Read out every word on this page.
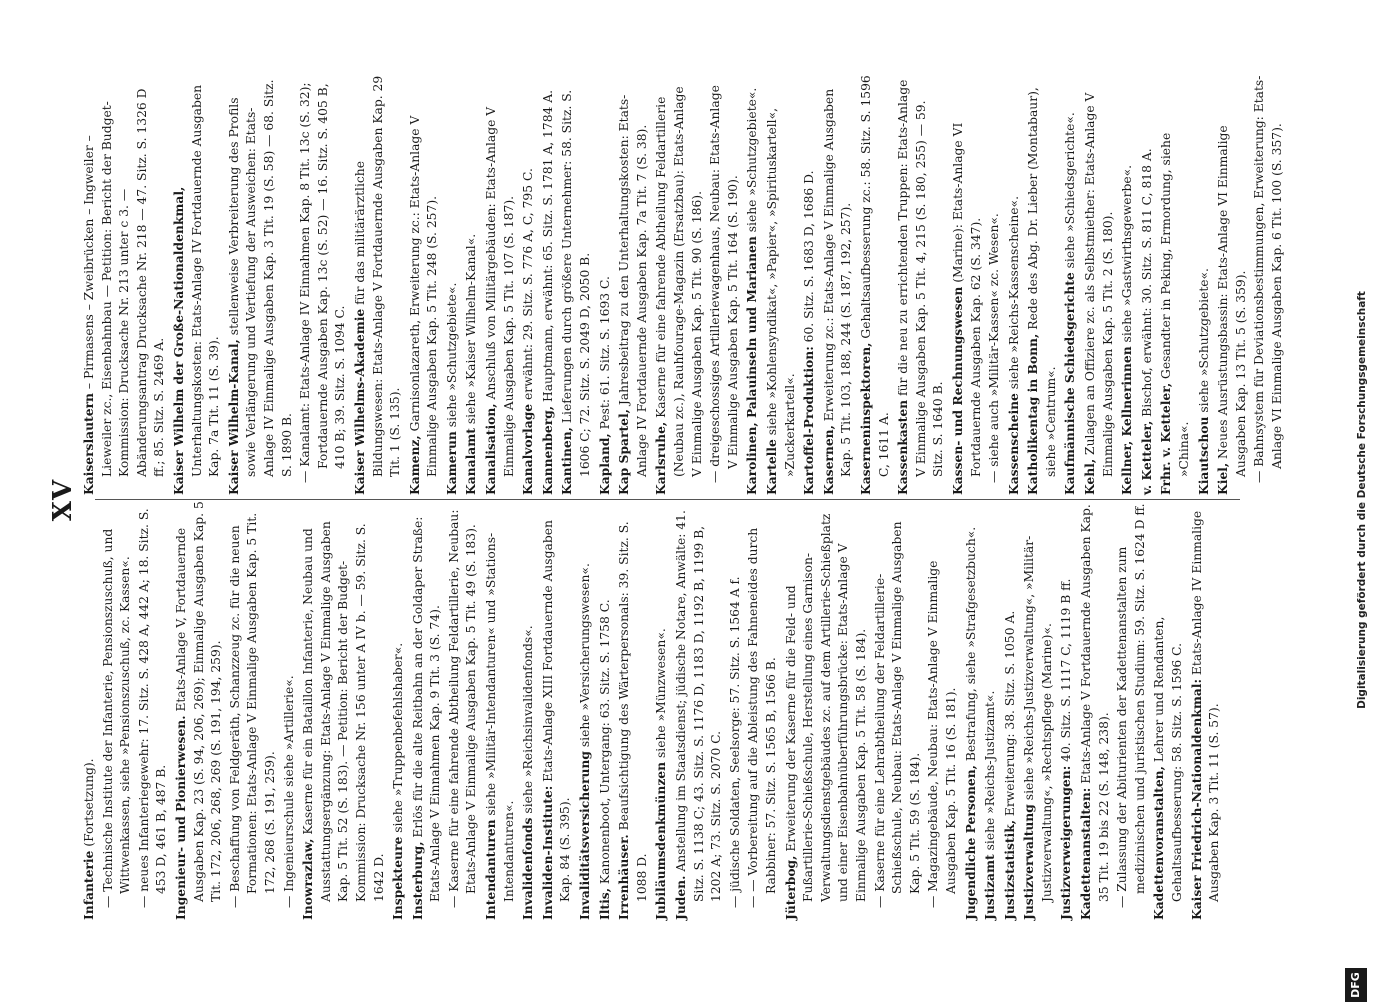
XV
Infanterie (Fortsetzung). — Technische Institute der Infanterie, Pensionszuschuß, und Wittwenkassen, siehe »Pensionszuschuß, zc. Kassen«. — neues Infanteriegewehr: 17. Sitz. S. 428 A, 442 A; 18. Sitz. S. 453 D, 461 B, 487 B. Ingenieur- und Pionierwesen. Etats-Anlage V, Fortdauernde Ausgaben Kap. 23 (S. 94, 206, 269); Einmalige Ausgaben Kap. 5 Tit. 172, 206, 268, 269 (S. 191, 194, 259). — Beschaffung von Feldgeräth, Schanzzeug zc. für die neuen Formationen: Etats-Anlage V Einmalige Ausgaben Kap. 5 Tit. 172, 268 (S. 191, 259). — Ingenieurschule siehe »Artillerie«. Inowrazlaw, Kaserne für ein Bataillon Infanterie, Neubau und Ausstattungsergänzung: Etats-Anlage V Einmalige Ausgaben Kap. 5 Tit. 52 (S. 183). — Petition: Bericht der Budget-Kommission: Drucksache Nr. 156 unter A IV b. — 59. Sitz. S. 1642 D. Inspekteure siehe »Truppenbefehlshaber«.
Insterburg, Erlös für die alte Reitbahn an der Goldaper Straße: Etats-Anlage V Einnahmen Kap. 9 Tit. 3 (S. 74). — Kaserne für eine fahrende Abtheilung Feldartillerie, Neubau: Etats-Anlage V Einmalige Ausgaben Kap. 5 Tit. 49 (S. 183). Intendanturen siehe »Militär-Intendanturen« und »Stations-Intendanturen«. Invalidenfonds siehe »Reichsinvalidenfonds«.
Invaliden-Institute: Etats-Anlage XIII Fortdauernde Ausgaben Kap. 84 (S. 395). Invaliditätsversicherung siehe »Versicherungswesen«.
Iltis, Kanonenboot, Untergang: 63. Sitz. S. 1758 C. Irrenhäuser. Beaufsichtigung des Wärterpersonals: 39. Sitz. S. 1088 D. Jubiläumsdenkmünzen siehe »Münzwesen«.
Juden. Anstellung im Staatsdienst; jüdische Notare, Anwälte: 41. Sitz. S. 1138 C; 43. Sitz. S. 1176 D, 1183 D, 1192 B, 1199 B, 1202 A; 73. Sitz. S. 2070 C. — jüdische Soldaten, Seelsorge: 57. Sitz. S. 1564 A f. — — Vorbereitung auf die Ableistung des Fahneneides durch Rabbiner: 57. Sitz. S. 1565 B, 1566 B. Jüterbog, Erweiterung der Kaserne für die Feld- und Fußartillerie-Schießschule, Herstellung eines Garnison-Verwaltungsdienstgebäudes zc. auf dem Artillerie-Schießplatz und einer Eisenbahnüberführungsbrücke: Etats-Anlage V Einmalige Ausgaben Kap. 5 Tit. 58 (S. 184). — Kaserne für eine Lehrabtheilung der Feldartillerie-Schießschule, Neubau: Etats-Anlage V Einmalige Ausgaben Kap. 5 Tit. 59 (S. 184). — Magazingebäude, Neubau: Etats-Anlage V Einmalige Ausgaben Kap. 5 Tit. 16 (S. 181). Jugendliche Personen, Bestrafung, siehe »Strafgesetzbuch«.
Justizamt siehe »Reichs-Justizamt«.
Justizstatistik, Erweiterung: 38. Sitz. S. 1050 A.
Justizverwaltung siehe »Reichs-Justizverwaltung«, »Militär-Justizverwaltung«, »Rechtspflege (Marine)«. Justizverweigerungen: 40. Sitz. S. 1117 C, 1119 B ff.
Kadettenanstalten: Etats-Anlage V Fortdauernde Ausgaben Kap. 35 Tit. 19 bis 22 (S. 148, 238). — Zulassung der Abiturienten der Kadettenanstalten zum medizinischen und juristischen Studium: 59. Sitz. S. 1624 D ff. Kadettenvoranstalten, Lehrer und Rendanten, Gehaltsaufbesserung: 58. Sitz. S. 1596 C. Kaiser Friedrich-Nationaldenkmal: Etats-Anlage IV Einmalige Ausgaben Kap. 3 Tit. 11 (S. 57).
Kaiserslautern – Pirmasens – Zweibrücken – Ingweiler – Lieweiler zc., Eisenbahnbau — Petition: Bericht der Budget-Kommission: Drucksache Nr. 213 unter c 3. — Abänderungsantrag Drucksache Nr. 218 — 47. Sitz. S. 1326 D ff.; 85. Sitz. S. 2469 A. Kaiser Wilhelm der Große-Nationaldenkmal, Unterhaltungskosten: Etats-Anlage IV Fortdauernde Ausgaben Kap. 7a Tit. 11 (S. 39). Kaiser Wilhelm-Kanal, stellenweise Verbreiterung des Profils sowie Verlängerung und Vertiefung der Ausweichen: Etats-Anlage IV Einmalige Ausgaben Kap. 3 Tit. 19 (S. 58) — 68. Sitz. S. 1890 B. — Kanalamt: Etats-Anlage IV Einnahmen Kap. 8 Tit. 13c (S. 32); Fortdauernde Ausgaben Kap. 13c (S. 52) — 16. Sitz. S. 405 B, 410 B; 39. Sitz. S. 1094 C. Kaiser Wilhelms-Akademie für das militärärztliche Bildungswesen: Etats-Anlage V Fortdauernde Ausgaben Kap. 29 Tit. 1 (S. 135). Kamenz, Garnisonlazareth, Erweiterung zc.: Etats-Anlage V Einmalige Ausgaben Kap. 5 Tit. 248 (S. 257). Kamerun siehe »Schutzgebiete«.
Kanalamt siehe »Kaiser Wilhelm-Kanal«.
Kanalisation, Anschluß von Militärgebäuden: Etats-Anlage V Einmalige Ausgaben Kap. 5 Tit. 107 (S. 187). Kanalvorlage erwähnt: 29. Sitz. S. 776 A, C, 795 C.
Kannenberg, Hauptmann, erwähnt: 65. Sitz. S. 1781 A, 1784 A.
Kantinen, Lieferungen durch größere Unternehmer: 58. Sitz. S. 1606 C; 72. Sitz. S. 2049 D, 2050 B. Kapland, Pest: 61. Sitz. S. 1693 C.
Kap Spartel, Jahresbeitrag zu den Unterhaltungskosten: Etats-Anlage IV Fortdauernde Ausgaben Kap. 7a Tit. 7 (S. 38). Karlsruhe, Kaserne für eine fahrende Abtheilung Feldartillerie (Neubau zc.), Rauhfourage-Magazin (Ersatzbau): Etats-Anlage V Einmalige Ausgaben Kap. 5 Tit. 90 (S. 186). — dreigeschossiges Artilleriewagenhaus, Neubau: Etats-Anlage V Einmalige Ausgaben Kap. 5 Tit. 164 (S. 190). Karolinen, Palauinseln und Marianen siehe »Schutzgebiete«.
Kartelle siehe »Kohlensyndikat«, »Papier«, »Spirituskartell«, »Zuckerkartell«. Kartoffel-Produktion: 60. Sitz. S. 1683 D, 1686 D.
Kasernen, Erweiterung zc.: Etats-Anlage V Einmalige Ausgaben Kap. 5 Tit. 103, 188, 244 (S. 187, 192, 257). Kaserneninspektoren, Gehaltsaufbesserung zc.: 58. Sitz. S. 1596 C, 1611 A. Kassenkasten für die neu zu errichtenden Truppen: Etats-Anlage V Einmalige Ausgaben Kap. 5 Tit. 4, 215 (S. 180, 255) — 59. Sitz. S. 1640 B. Kassen- und Rechnungswesen (Marine): Etats-Anlage VI Fortdauernde Ausgaben Kap. 62 (S. 347). — siehe auch »Militär-Kassen« zc. Wesen«. Kassenscheine siehe »Reichs-Kassenscheine«.
Katholikentag in Bonn, Rede des Abg. Dr. Lieber (Montabaur), siehe »Centrum«. Kaufmännische Schiedsgerichte siehe »Schiedsgerichte«.
Kehl, Zulagen an Offiziere zc. als Selbstmiether: Etats-Anlage V Einmalige Ausgaben Kap. 5 Tit. 2 (S. 180). Kellner, Kellnerinnen siehe »Gastwirthsgewerbe«.
v. Ketteler, Bischof, erwähnt: 30. Sitz. S. 811 C, 818 A.
Frhr. v. Ketteler, Gesandter in Peking, Ermordung, siehe »China«. Kiautschou siehe »Schutzgebiete«.
Kiel, Neues Ausrüstungsbassin: Etats-Anlage VI Einmalige Ausgaben Kap. 13 Tit. 5 (S. 359). — Bahnsystem für Deviationsbestimmungen, Erweiterung: Etats-Anlage VI Einmalige Ausgaben Kap. 6 Tit. 100 (S. 357).	Digitalisierung gefördert durch die Deutsche Forschungsgemeinschaft
DFG
